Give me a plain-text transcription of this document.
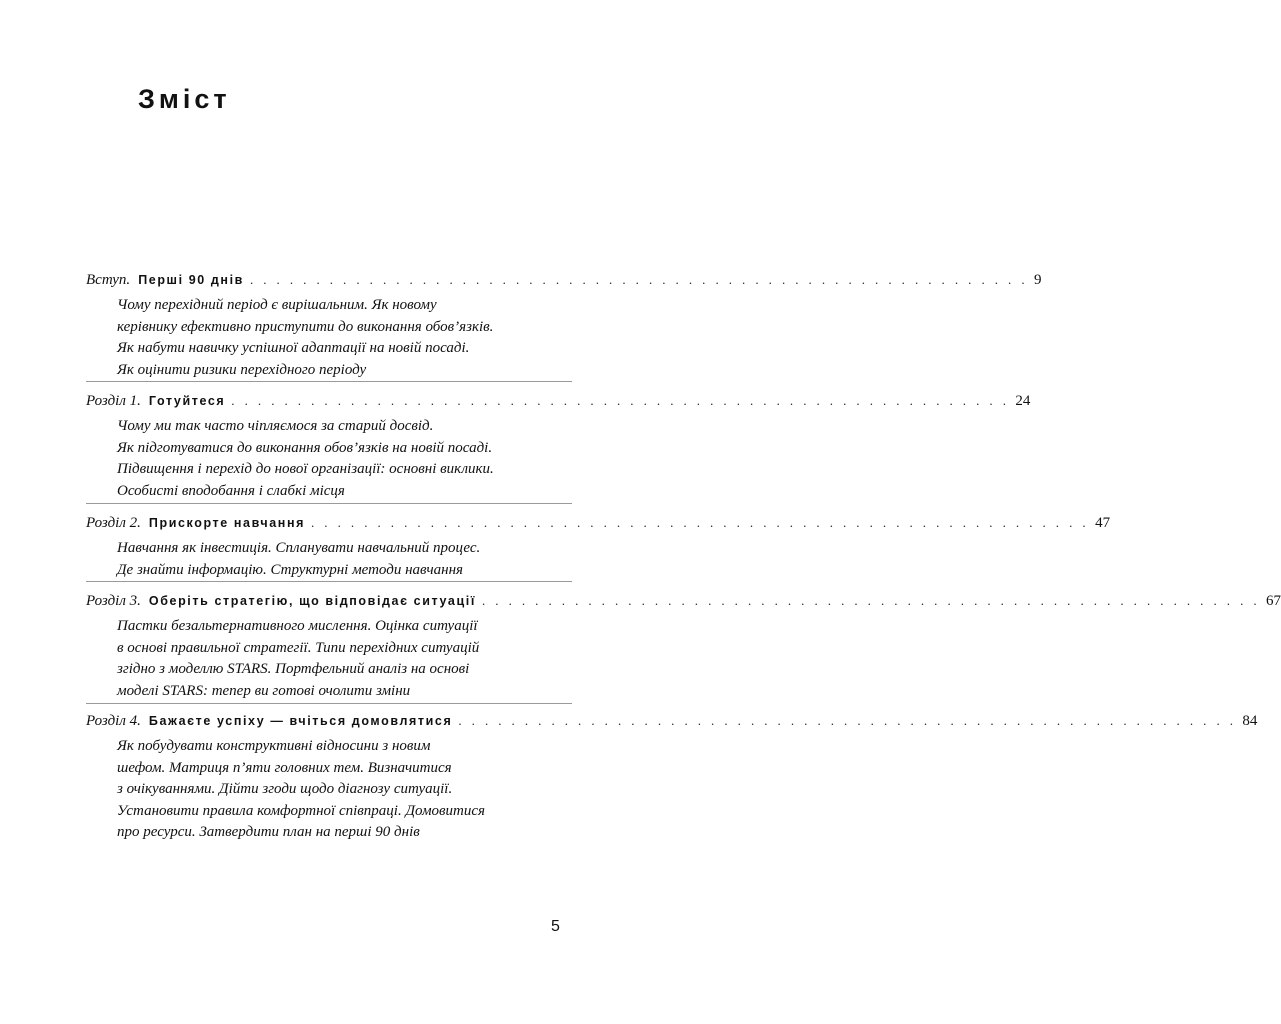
Зміст
Вступ. Перші 90 днів . . . . . . . . . . . . . . . . . . . . . . . . . . . . . . . . . . . . . . . . . . . . . . . . . . . . . . . . . . . 9
Чому перехідний період є вирішальним. Як новому
керівнику ефективно приступити до виконання обов’язків.
Як набути навичку успішної адаптації на новій посаді.
Як оцінити ризики перехідного періоду
Розділ 1. Готуйтеся . . . . . . . . . . . . . . . . . . . . . . . . . . . . . . . . . . . . . . . . . . . . . . . . . . . . . . . . . . . 24
Чому ми так часто чіпляємося за старий досвід.
Як підготуватися до виконання обов’язків на новій посаді.
Підвищення і перехід до нової організації: основні виклики.
Особисті вподобання і слабкі місця
Розділ 2. Прискорте навчання . . . . . . . . . . . . . . . . . . . . . . . . . . . . . . . . . . . . . . . . . . . . . . . . . . . . . . . . . . . 47
Навчання як інвестиція. Спланувати навчальний процес.
Де знайти інформацію. Структурні методи навчання
Розділ 3. Оберіть стратегію, що відповідає ситуації . . . . . . . . . . . . . . . . . . . . . . . . . . . . . . . . . . . . . . . . . . . . . . . . . . . . . . . . . . . 67
Пастки безальтернативного мислення. Оцінка ситуації
в основі правильної стратегії. Типи перехідних ситуацій
згідно з моделлю STARS. Портфельний аналіз на основі
моделі STARS: тепер ви готові очолити зміни
Розділ 4. Бажаєте успіху — вчіться домовлятися . . . . . . . . . . . . . . . . . . . . . . . . . . . . . . . . . . . . . . . . . . . . . . . . . . . . . . . . . . . 84
Як побудувати конструктивні відносини з новим
шефом. Матриця п’яти головних тем. Визначитися
з очікуваннями. Дійти згоди щодо діагнозу ситуації.
Установити правила комфортної співпраці. Домовитися
про ресурси. Затвердити план на перші 90 днів
5
